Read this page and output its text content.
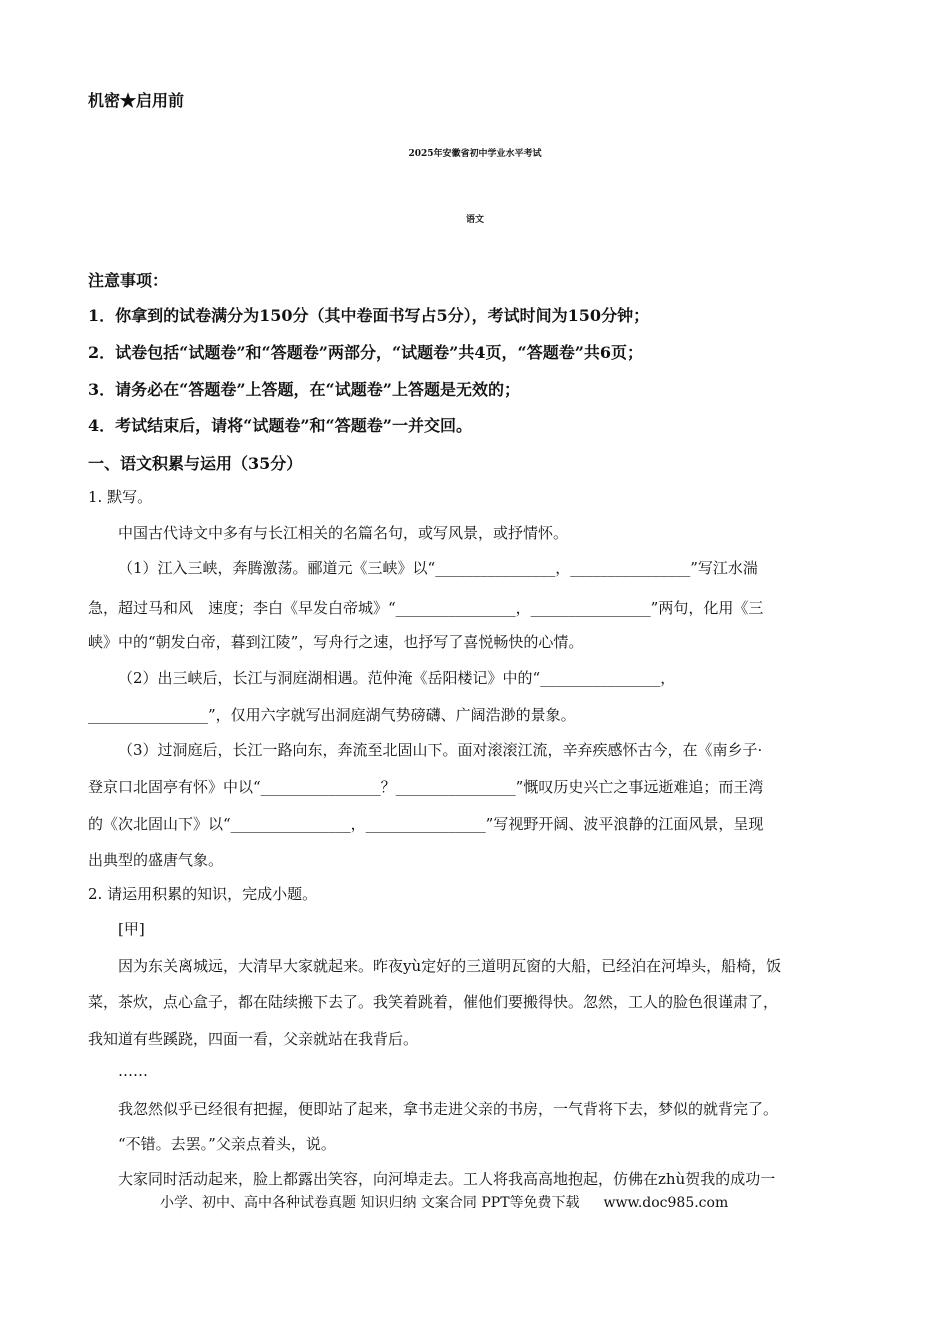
机密★启用前
2025年安徽省初中学业水平考试
语文
注意事项：
1．你拿到的试卷满分为150分（其中卷面书写占5分），考试时间为150分钟；
2．试卷包括“试题卷”和“答题卷”两部分，“试题卷”共4页，“答题卷”共6页；
3．请务必在“答题卷”上答题，在“试题卷”上答题是无效的；
4．考试结束后，请将“试题卷”和“答题卷”一并交回。
一、语文积累与运用（35分）
1. 默写。
中国古代诗文中多有与长江相关的名篇名句，或写风景，或抒情怀。
（1）江入三峡，奔腾激荡。郦道元《三峡》以“________________，________________”写江水湍
急，超过马和风　速度；李白《早发白帝城》“________________，________________”两句，化用《三
峡》中的“朝发白帝，暮到江陵”，写舟行之速，也抒写了喜悦畅快的心情。
（2）出三峡后，长江与洞庭湖相遇。范仲淹《岳阳楼记》中的“________________，
________________”，仅用六字就写出洞庭湖气势磅礴、广阔浩渺的景象。
（3）过洞庭后，长江一路向东，奔流至北固山下。面对滚滚江流，辛弃疾感怀古今，在《南乡子·
登京口北固亭有怀》中以“________________？________________”慨叹历史兴亡之事远逝难追；而王湾
的《次北固山下》以“________________，________________”写视野开阔、波平浪静的江面风景，呈现
出典型的盛唐气象。
2. 请运用积累的知识，完成小题。
[甲]
因为东关离城远，大清早大家就起来。昨夜yù定好的三道明瓦窗的大船，已经泊在河埠头，船椅，饭
菜，茶炊，点心盒子，都在陆续搬下去了。我笑着跳着，催他们要搬得快。忽然，工人的脸色很谨肃了，
我知道有些蹊跷，四面一看，父亲就站在我背后。
……
我忽然似乎已经很有把握，便即站了起来，拿书走进父亲的书房，一气背将下去，梦似的就背完了。
“不错。去罢。”父亲点着头，说。
大家同时活动起来，脸上都露出笑容，向河埠走去。工人将我高高地抱起，仿佛在zhù贺我的成功一
小学、初中、高中各种试卷真题 知识归纳 文案合同 PPT等免费下载 www.doc985.com
